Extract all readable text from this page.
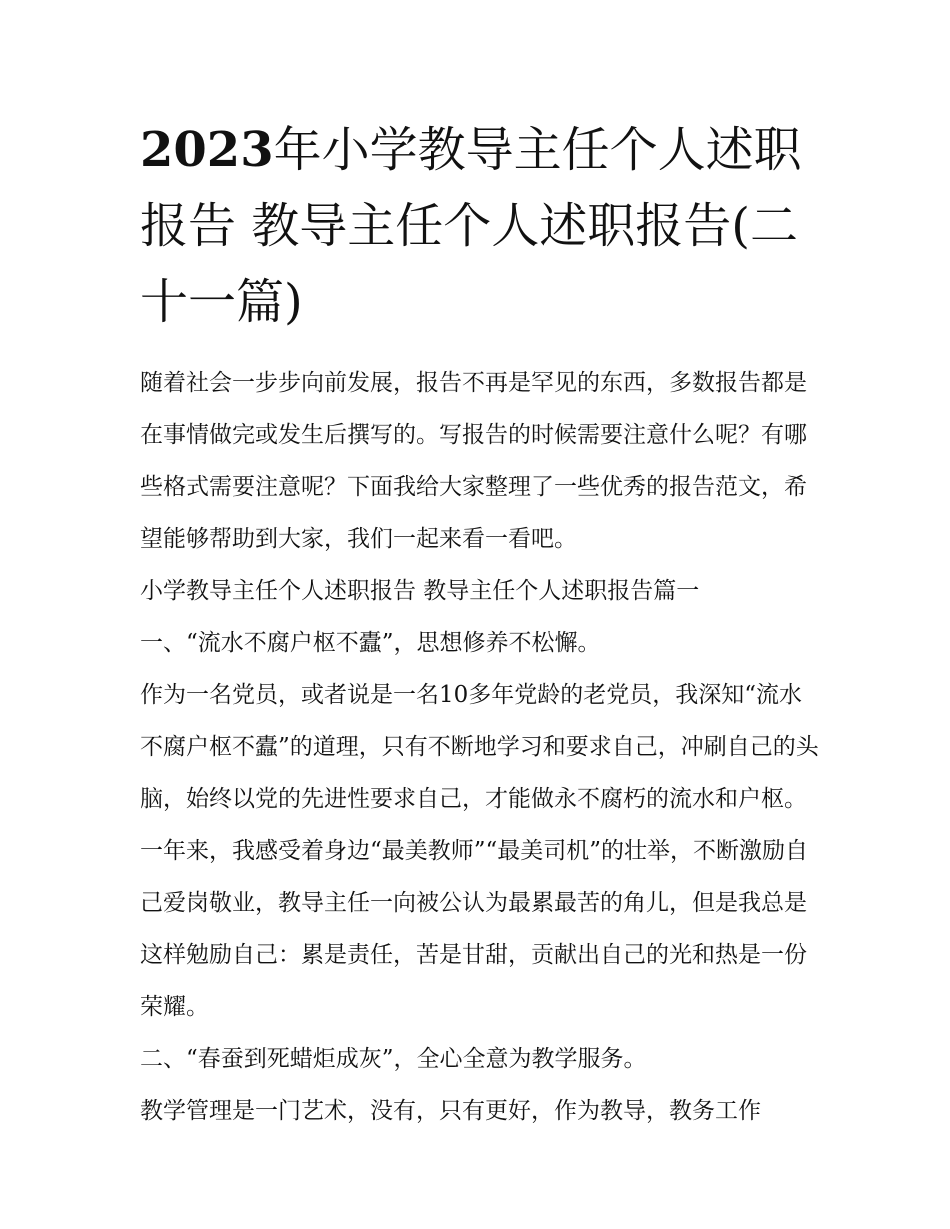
2023年小学教导主任个人述职报告 教导主任个人述职报告(二十一篇)

随着社会一步步向前发展，报告不再是罕见的东西，多数报告都是在事情做完或发生后撰写的。写报告的时候需要注意什么呢？有哪些格式需要注意呢？下面我给大家整理了一些优秀的报告范文，希望能够帮助到大家，我们一起来看一看吧。

小学教导主任个人述职报告 教导主任个人述职报告篇一

一、“流水不腐户枢不蠹”，思想修养不松懈。

作为一名党员，或者说是一名10多年党龄的老党员，我深知“流水不腐户枢不蠹”的道理，只有不断地学习和要求自己，冲刷自己的头脑，始终以党的先进性要求自己，才能做永不腐朽的流水和户枢。一年来，我感受着身边“最美教师”“最美司机”的壮举，不断激励自己爱岗敬业，教导主任一向被公认为最累最苦的角儿，但是我总是这样勉励自己：累是责任，苦是甘甜，贡献出自己的光和热是一份荣耀。

二、“春蚕到死蜡炬成灰”，全心全意为教学服务。

教学管理是一门艺术，没有，只有更好，作为教导，教务工作
